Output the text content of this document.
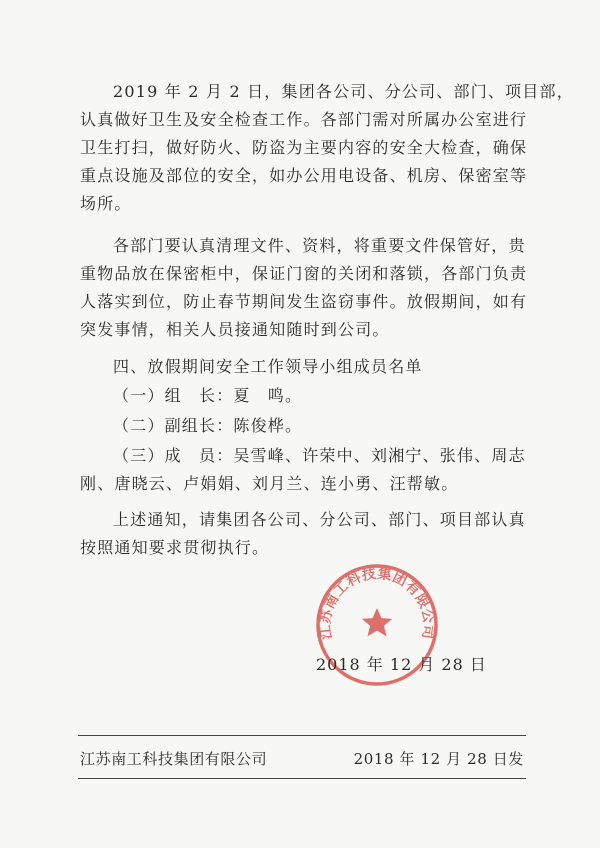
2019 年 2 月 2 日，集团各公司、分公司、部门、项目部，
认真做好卫生及安全检查工作。各部门需对所属办公室进行
卫生打扫，做好防火、防盗为主要内容的安全大检查，确保
重点设施及部位的安全，如办公用电设备、机房、保密室等
场所。

各部门要认真清理文件、资料，将重要文件保管好，贵
重物品放在保密柜中，保证门窗的关闭和落锁，各部门负责
人落实到位，防止春节期间发生盗窃事件。放假期间，如有
突发事情，相关人员接通知随时到公司。

四、放假期间安全工作领导小组成员名单

（一）组　长：夏　鸣。

（二）副组长：陈俊桦。

（三）成　员：吴雪峰、许荣中、刘湘宁、张伟、周志
刚、唐晓云、卢娟娟、刘月兰、连小勇、汪帮敏。

上述通知，请集团各公司、分公司、部门、项目部认真
按照通知要求贯彻执行。

江苏南工科技集团有限公司
2018 年 12 月 28 日
江苏南工科技集团有限公司	2018 年 12 月 28 日发
